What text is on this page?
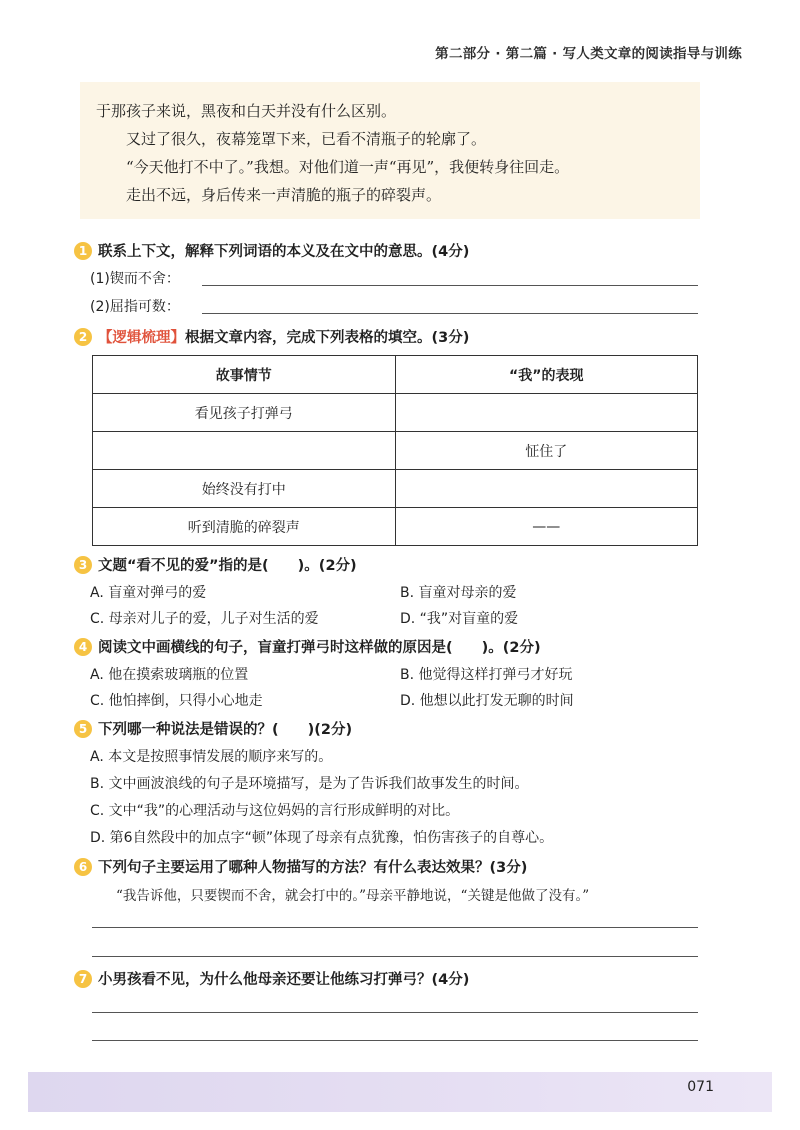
第二部分 · 第二篇 · 写人类文章的阅读指导与训练
于那孩子来说，黑夜和白天并没有什么区别。
又过了很久，夜幕笼罩下来，已看不清瓶子的轮廓了。
“今天他打不中了。”我想。对他们道一声“再见”，我便转身往回走。
走出不远，身后传来一声清脆的瓶子的碎裂声。
1 联系上下文，解释下列词语的本义及在文中的意思。(4分)
(1)锲而不舍：
(2)屈指可数：
2 【逻辑梳理】 根据文章内容，完成下列表格的填空。(3分)
故事情节	“我”的表现
看见孩子打弹弓	
	怔住了
始终没有打中	
听到清脆的碎裂声	——
3 文题“看不见的爱”指的是(　　)。(2分)
A. 盲童对弹弓的爱	B. 盲童对母亲的爱
C. 母亲对儿子的爱，儿子对生活的爱	D. “我”对盲童的爱
4 阅读文中画横线的句子，盲童打弹弓时这样做的原因是(　　)。(2分)
A. 他在摸索玻璃瓶的位置	B. 他觉得这样打弹弓才好玩
C. 他怕摔倒，只得小心地走	D. 他想以此打发无聊的时间
5 下列哪一种说法是错误的？(　　)(2分)
A. 本文是按照事情发展的顺序来写的。
B. 文中画波浪线的句子是环境描写，是为了告诉我们故事发生的时间。
C. 文中“我”的心理活动与这位妈妈的言行形成鲜明的对比。
D. 第6自然段中的加点字“顿”体现了母亲有点犹豫，怕伤害孩子的自尊心。
6 下列句子主要运用了哪种人物描写的方法？有什么表达效果？(3分)
“我告诉他，只要锲而不舍，就会打中的。”母亲平静地说，“关键是他做了没有。”
7 小男孩看不见，为什么他母亲还要让他练习打弹弓？(4分)
071
